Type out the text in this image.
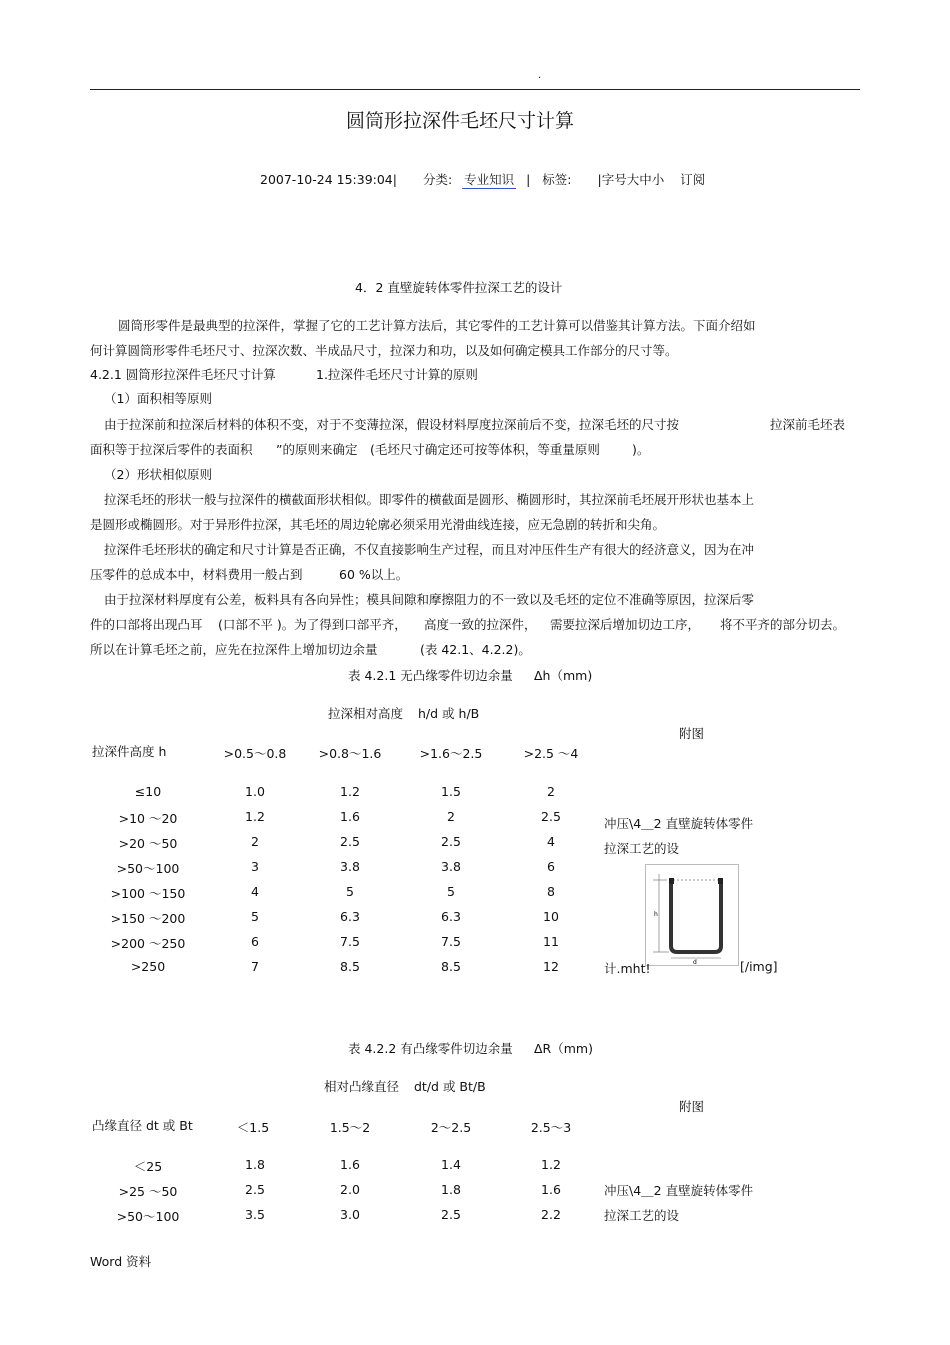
.
圆筒形拉深件毛坯尺寸计算
2007-10-24 15:39:04| 分类: 专业知识 | 标签: |字号大中小 订阅
4．2 直壁旋转体零件拉深工艺的设计
圆筒形零件是最典型的拉深件，掌握了它的工艺计算方法后，其它零件的工艺计算可以借鉴其计算方法。下面介绍如
何计算圆筒形零件毛坯尺寸、拉深次数、半成品尺寸，拉深力和功，以及如何确定模具工作部分的尺寸等。
4.2.1 圆筒形拉深件毛坯尺寸计算	1.拉深件毛坯尺寸计算的原则
（1）面积相等原则
由于拉深前和拉深后材料的体积不变，对于不变薄拉深，假设材料厚度拉深前后不变，拉深毛坯的尺寸按	拉深前毛坯表
面积等于拉深后零件的表面积 ”的原则来确定 (毛坯尺寸确定还可按等体积，等重量原则	)。
（2）形状相似原则
拉深毛坯的形状一般与拉深件的横截面形状相似。即零件的横截面是圆形、椭圆形时，其拉深前毛坯展开形状也基本上
是圆形或椭圆形。对于异形件拉深，其毛坯的周边轮廓必须采用光滑曲线连接，应无急剧的转折和尖角。
拉深件毛坯形状的确定和尺寸计算是否正确，不仅直接影响生产过程，而且对冲压件生产有很大的经济意义，因为在冲
压零件的总成本中，材料费用一般占到	60 %以上。
由于拉深材料厚度有公差，板料具有各向异性；模具间隙和摩擦阻力的不一致以及毛坯的定位不准确等原因，拉深后零
件的口部将出现凸耳 (口部不平 )。为了得到口部平齐， 高度一致的拉深件， 需要拉深后增加切边工序， 将不平齐的部分切去。
所以在计算毛坯之前，应先在拉深件上增加切边余量	(表 42.1、4.2.2)。
表 4.2.1 无凸缘零件切边余量 Δh（mm)
拉深相对高度 h/d 或 h/B
附图
拉深件高度 h	>0.5～0.8	>0.8～1.6	>1.6～2.5	>2.5 ～4
≤10	1.0	1.2	1.5	2
>10 ～20	1.2	1.6	2	2.5
>20 ～50	2	2.5	2.5	4
>50～100	3	3.8	3.8	6
>100 ～150	4	5	5	8
>150 ～200	5	6.3	6.3	10
>200 ～250	6	7.5	7.5	11
>250	7	8.5	8.5	12
冲压\4＿2 直壁旋转体零件
拉深工艺的设
h
d
计.mht!	[/img]
表 4.2.2 有凸缘零件切边余量 ΔR（mm)
相对凸缘直径 dt/d 或 Bt/B
附图
凸缘直径 dt 或 Bt	＜1.5	1.5～2	2～2.5	2.5～3
＜25	1.8	1.6	1.4	1.2
>25 ～50	2.5	2.0	1.8	1.6
>50～100	3.5	3.0	2.5	2.2
冲压\4＿2 直壁旋转体零件
拉深工艺的设
Word 资料
